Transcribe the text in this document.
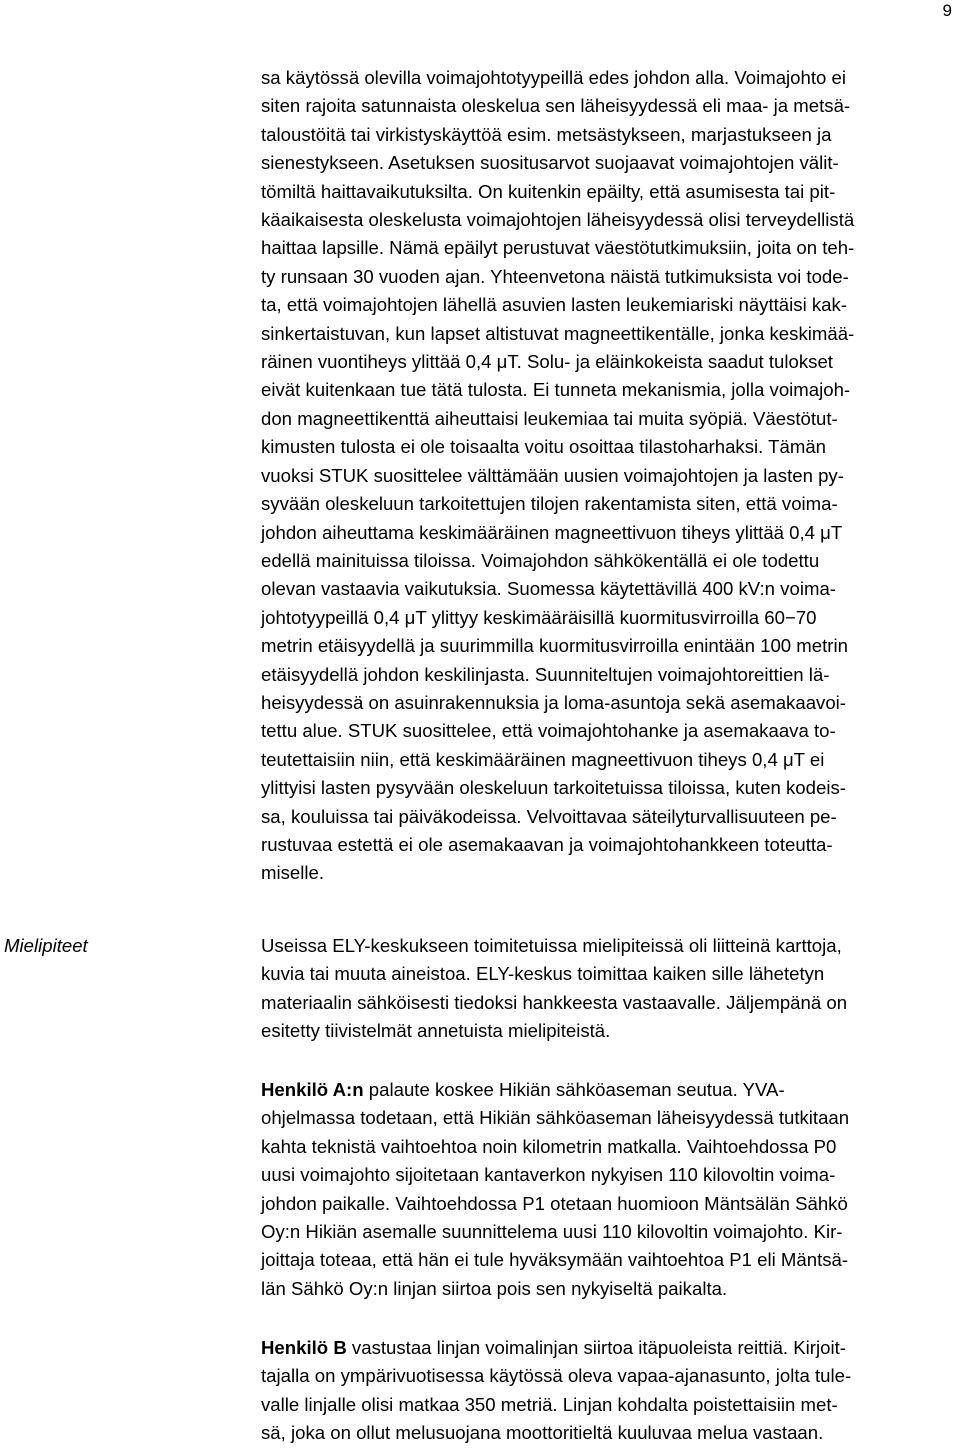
9
Mielipiteet

sa käytössä olevilla voimajohtotyypeillä edes johdon alla. Voimajohto ei
siten rajoita satunnaista oleskelua sen läheisyydessä eli maa- ja metsä-
taloustöitä tai virkistyskäyttöä esim. metsästykseen, marjastukseen ja
sienestykseen. Asetuksen suositusarvot suojaavat voimajohtojen välit-
tömiltä haittavaikutuksilta. On kuitenkin epäilty, että asumisesta tai pit-
käaikaisesta oleskelusta voimajohtojen läheisyydessä olisi terveydellistä
haittaa lapsille. Nämä epäilyt perustuvat väestötutkimuksiin, joita on teh-
ty runsaan 30 vuoden ajan. Yhteenvetona näistä tutkimuksista voi tode-
ta, että voimajohtojen lähellä asuvien lasten leukemiariski näyttäisi kak-
sinkertaistuvan, kun lapset altistuvat magneettikentälle, jonka keskimää-
räinen vuontiheys ylittää 0,4 μT. Solu- ja eläinkokeista saadut tulokset
eivät kuitenkaan tue tätä tulosta. Ei tunneta mekanismia, jolla voimajoh-
don magneettikenttä aiheuttaisi leukemiaa tai muita syöpiä. Väestötut-
kimusten tulosta ei ole toisaalta voitu osoittaa tilastoharhaksi. Tämän
vuoksi STUK suosittelee välttämään uusien voimajohtojen ja lasten py-
syvään oleskeluun tarkoitettujen tilojen rakentamista siten, että voima-
johdon aiheuttama keskimääräinen magneettivuon tiheys ylittää 0,4 μT
edellä mainituissa tiloissa. Voimajohdon sähkökentällä ei ole todettu
olevan vastaavia vaikutuksia. Suomessa käytettävillä 400 kV:n voima-
johtotyypeillä 0,4 μT ylittyy keskimääräisillä kuormitusvirroilla 60−70
metrin etäisyydellä ja suurimmilla kuormitusvirroilla enintään 100 metrin
etäisyydellä johdon keskilinjasta. Suunniteltujen voimajohtoreittien lä-
heisyydessä on asuinrakennuksia ja loma-asuntoja sekä asemakaavoi-
tettu alue. STUK suosittelee, että voimajohtohanke ja asemakaava to-
teutettaisiin niin, että keskimääräinen magneettivuon tiheys 0,4 μT ei
ylittyisi lasten pysyvään oleskeluun tarkoitetuissa tiloissa, kuten kodeis-
sa, kouluissa tai päiväkodeissa. Velvoittavaa säteilyturvallisuuteen pe-
rustuvaa estettä ei ole asemakaavan ja voimajohtohankkeen toteutta-
miselle.

Useissa ELY-keskukseen toimitetuissa mielipiteissä oli liitteinä karttoja,
kuvia tai muuta aineistoa. ELY-keskus toimittaa kaiken sille lähetetyn
materiaalin sähköisesti tiedoksi hankkeesta vastaavalle. Jäljempänä on
esitetty tiivistelmät annetuista mielipiteistä.

Henkilö A:n palaute koskee Hikiän sähköaseman seutua. YVA-
ohjelmassa todetaan, että Hikiän sähköaseman läheisyydessä tutkitaan
kahta teknistä vaihtoehtoa noin kilometrin matkalla. Vaihtoehdossa P0
uusi voimajohto sijoitetaan kantaverkon nykyisen 110 kilovoltin voima-
johdon paikalle. Vaihtoehdossa P1 otetaan huomioon Mäntsälän Sähkö
Oy:n Hikiän asemalle suunnittelema uusi 110 kilovoltin voimajohto. Kir-
joittaja toteaa, että hän ei tule hyväksymään vaihtoehtoa P1 eli Mäntsä-
län Sähkö Oy:n linjan siirtoa pois sen nykyiseltä paikalta.

Henkilö B vastustaa linjan voimalinjan siirtoa itäpuoleista reittiä. Kirjoit-
tajalla on ympärivuotisessa käytössä oleva vapaa-ajanasunto, jolta tule-
valle linjalle olisi matkaa 350 metriä. Linjan kohdalta poistettaisiin met-
sä, joka on ollut melusuojana moottoritieltä kuuluvaa melua vastaan.
